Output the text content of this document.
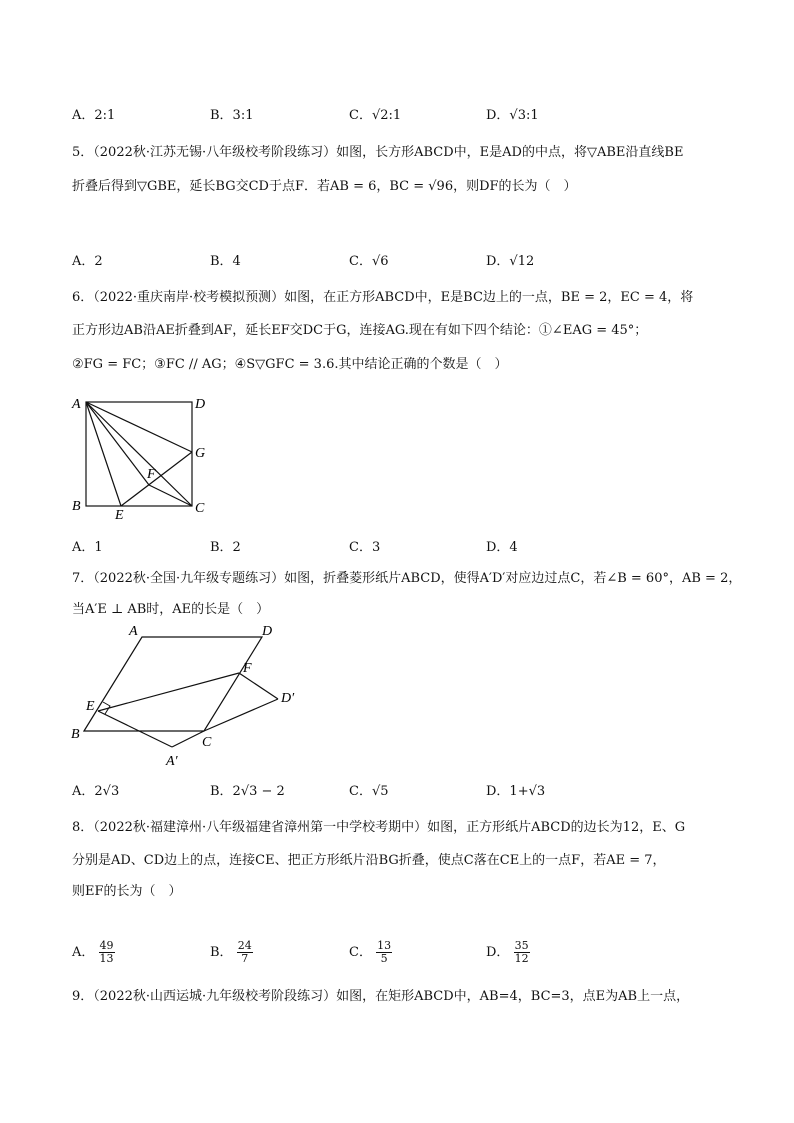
A．2:1	B．3:1	C．√2:1	D．√3:1
5．（2022秋·江苏无锡·八年级校考阶段练习）如图，长方形ABCD中，E是AD的中点，将▽ABE沿直线BE
折叠后得到▽GBE，延长BG交CD于点F．若AB = 6，BC = √96，则DF的长为（　）
A．2	B．4	C．√6	D．√12
6．（2022·重庆南岸·校考模拟预测）如图，在正方形ABCD中，E是BC边上的一点，BE = 2，EC = 4，将
正方形边AB沿AE折叠到AF，延长EF交DC于G，连接AG.现在有如下四个结论：①∠EAG = 45°；
②FG = FC；③FC // AG；④S▽GFC = 3.6.其中结论正确的个数是（　）
A	D
G
F
B
E	C
A．1	B．2	C．3	D．4
7．（2022秋·全国·九年级专题练习）如图，折叠菱形纸片ABCD，使得A′D′对应边过点C，若∠B = 60°，AB = 2，
当A′E ⊥ AB时，AE的长是（　）
A	D
F
D′
E
B
C
A′
A．2√3	B．2√3 − 2	C．√5	D．1+√3
8．（2022秋·福建漳州·八年级福建省漳州第一中学校考期中）如图，正方形纸片ABCD的边长为12，E、G
分别是AD、CD边上的点，连接CE、把正方形纸片沿BG折叠，使点C落在CE上的一点F，若AE = 7，
则EF的长为（　）
A． $\frac{49}{13}$	B． $\frac{24}{7}$	C． $\frac{13}{5}$	D． $\frac{35}{12}$
9．（2022秋·山西运城·九年级校考阶段练习）如图，在矩形ABCD中，AB=4，BC=3，点E为AB上一点，
